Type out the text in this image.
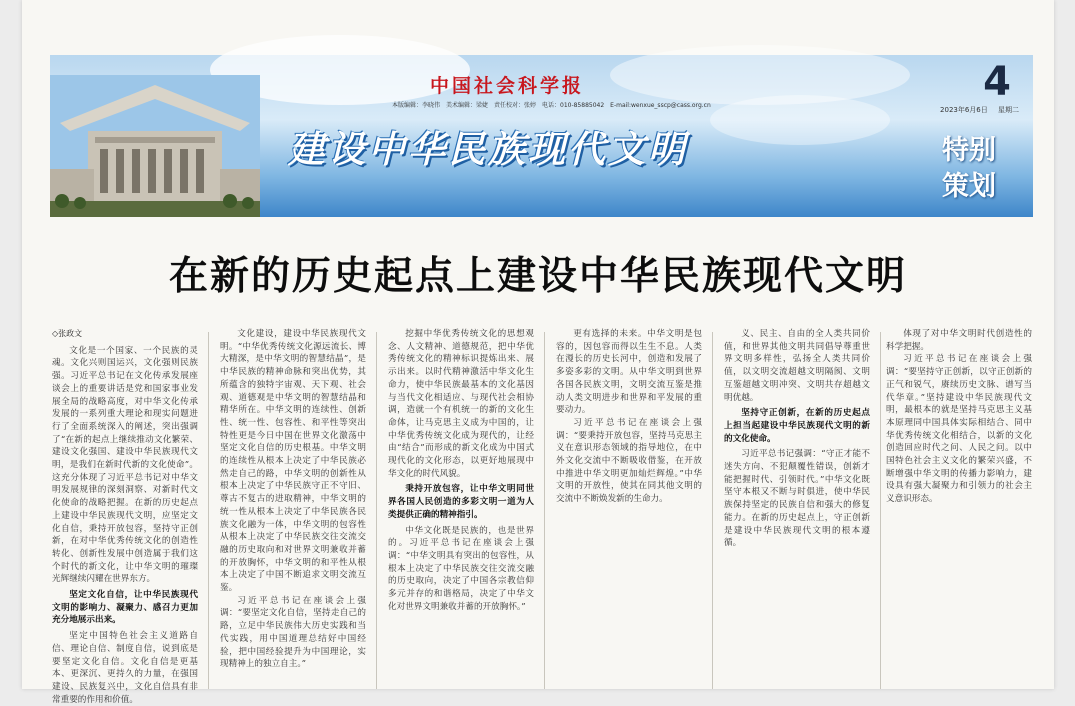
中国社会科学报
本版编辑：李晓伟　美术编辑：梁婕　责任校对：张婷　电话：010-85885042　E-mail:wenxue_sscp@cass.org.cn
4
2023年6月6日 星期二
建设中华民族现代文明	特别
策划
在新的历史起点上建设中华民族现代文明

◇张政文

文化是一个国家、一个民族的灵魂。文化兴则国运兴，文化强则民族强。习近平总书记在文化传承发展座谈会上的重要讲话是党和国家事业发展全局的战略高度，对中华文化传承发展的一系列重大理论和现实问题进行了全面系统深入的阐述，突出强调了“在新的起点上继续推动文化繁荣、建设文化强国、建设中华民族现代文明，是我们在新时代新的文化使命”。这充分体现了习近平总书记对中华文明发展规律的深刻洞察、对新时代文化使命的战略把握。在新的历史起点上建设中华民族现代文明，应坚定文化自信，秉持开放包容，坚持守正创新，在对中华优秀传统文化的创造性转化、创新性发展中创造属于我们这个时代的新文化，让中华文明的璀璨光辉继续闪耀在世界东方。

坚定文化自信，让中华民族现代文明的影响力、凝聚力、感召力更加充分地展示出来。

坚定中国特色社会主义道路自信、理论自信、制度自信，说到底是要坚定文化自信。文化自信是更基本、更深沉、更持久的力量，在强国建设、民族复兴中，文化自信具有非常重要的作用和价值。

文化建设，建设中华民族现代文明。“中华优秀传统文化源远流长、博大精深，是中华文明的智慧结晶”，是中华民族的精神命脉和突出优势，其所蕴含的独特宇宙观、天下观、社会观、道德观是中华文明的智慧结晶和精华所在。中华文明的连续性、创新性、统一性、包容性、和平性等突出特性更是今日中国在世界文化激荡中坚定文化自信的历史根基。中华文明的连续性从根本上决定了中华民族必然走自己的路，中华文明的创新性从根本上决定了中华民族守正不守旧、尊古不复古的进取精神，中华文明的统一性从根本上决定了中华民族各民族文化融为一体，中华文明的包容性从根本上决定了中华民族交往交流交融的历史取向和对世界文明兼收并蓄的开放胸怀，中华文明的和平性从根本上决定了中国不断追求文明交流互鉴。

习近平总书记在座谈会上强调：“要坚定文化自信，坚持走自己的路，立足中华民族伟大历史实践和当代实践，用中国道理总结好中国经验，把中国经验提升为中国理论，实现精神上的独立自主。”

挖掘中华优秀传统文化的思想观念、人文精神、道德规范，把中华优秀传统文化的精神标识提炼出来、展示出来。以时代精神激活中华文化生命力，使中华民族最基本的文化基因与当代文化相适应、与现代社会相协调，造就一个有机统一的新的文化生命体，让马克思主义成为中国的，让中华优秀传统文化成为现代的，让经由“结合”而形成的新文化成为中国式现代化的文化形态，以更好地展现中华文化的时代风貌。

秉持开放包容，让中华文明同世界各国人民创造的多彩文明一道为人类提供正确的精神指引。

中华文化既是民族的，也是世界的。习近平总书记在座谈会上强调：“中华文明具有突出的包容性，从根本上决定了中华民族交往交流交融的历史取向，决定了中国各宗教信仰多元并存的和谐格局，决定了中华文化对世界文明兼收并蓄的开放胸怀。”

更有选择的未来。中华文明是包容的，因包容而得以生生不息。人类在漫长的历史长河中，创造和发展了多姿多彩的文明。从中华文明到世界各国各民族文明，文明交流互鉴是推动人类文明进步和世界和平发展的重要动力。

习近平总书记在座谈会上强调：“要秉持开放包容，坚持马克思主义在意识形态领域的指导地位，在中外文化交流中不断吸收借鉴，在开放中推进中华文明更加灿烂辉煌。”中华文明的开放性，使其在同其他文明的交流中不断焕发新的生命力。

义、民主、自由的全人类共同价值，和世界其他文明共同倡导尊重世界文明多样性，弘扬全人类共同价值，以文明交流超越文明隔阂、文明互鉴超越文明冲突、文明共存超越文明优越。

坚持守正创新，在新的历史起点上担当起建设中华民族现代文明的新的文化使命。

习近平总书记强调：“守正才能不迷失方向、不犯颠覆性错误，创新才能把握时代、引领时代。”中华文化既坚守本根又不断与时俱进，使中华民族保持坚定的民族自信和强大的修复能力。在新的历史起点上，守正创新是建设中华民族现代文明的根本遵循。

体现了对中华文明时代创造性的科学把握。

习近平总书记在座谈会上强调：“要坚持守正创新，以守正创新的正气和锐气，赓续历史文脉、谱写当代华章。”坚持建设中华民族现代文明，最根本的就是坚持马克思主义基本原理同中国具体实际相结合、同中华优秀传统文化相结合，以新的文化创造回应时代之问、人民之问。以中国特色社会主义文化的繁荣兴盛，不断增强中华文明的传播力影响力，建设具有强大凝聚力和引领力的社会主义意识形态。
